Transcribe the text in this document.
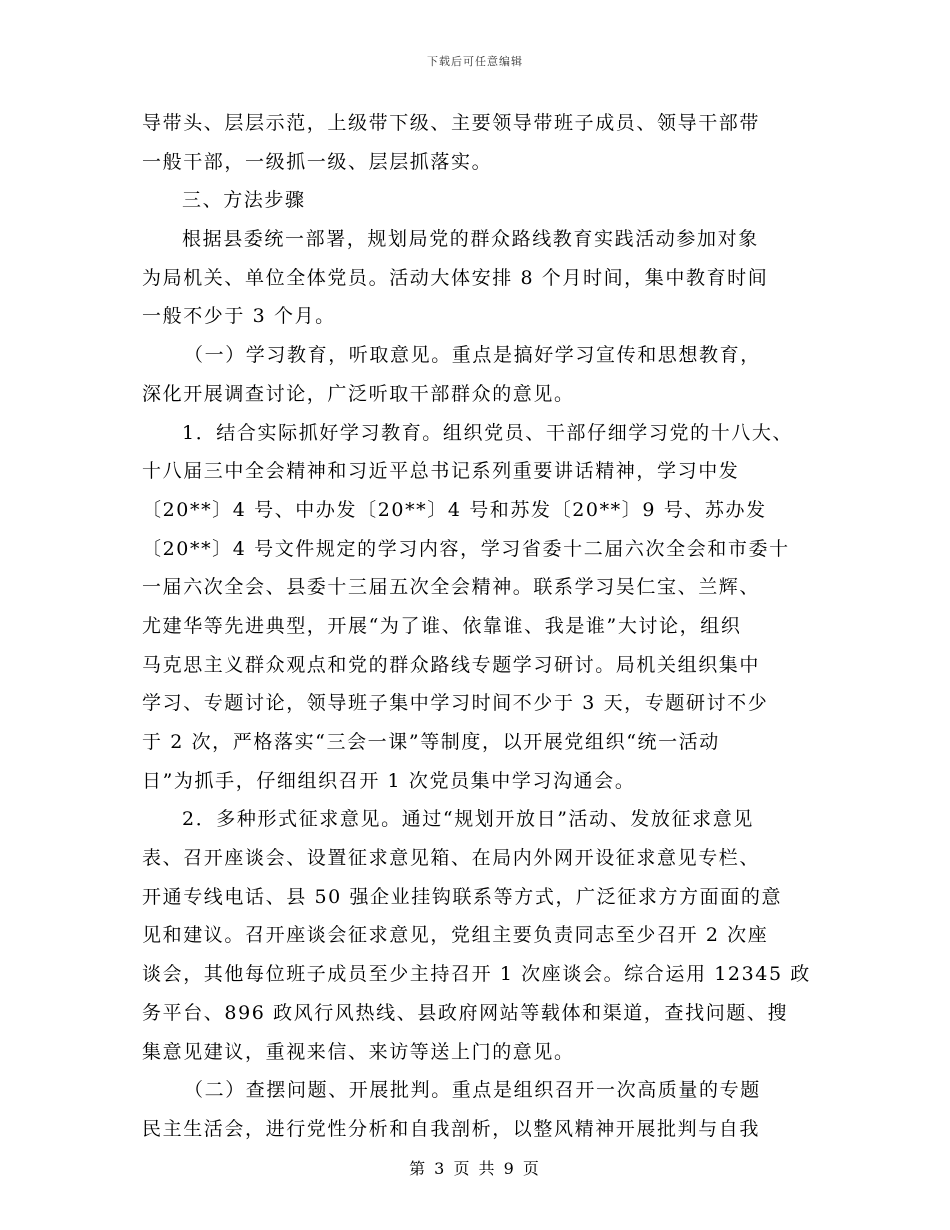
下载后可任意编辑
导带头、层层示范，上级带下级、主要领导带班子成员、领导干部带
一般干部，一级抓一级、层层抓落实。
三、方法步骤
根据县委统一部署，规划局党的群众路线教育实践活动参加对象
为局机关、单位全体党员。活动大体安排 8 个月时间，集中教育时间
一般不少于 3 个月。
（一）学习教育，听取意见。重点是搞好学习宣传和思想教育，
深化开展调查讨论，广泛听取干部群众的意见。
1．结合实际抓好学习教育。组织党员、干部仔细学习党的十八大、
十八届三中全会精神和习近平总书记系列重要讲话精神，学习中发
〔20**〕4 号、中办发〔20**〕4 号和苏发〔20**〕9 号、苏办发
〔20**〕4 号文件规定的学习内容，学习省委十二届六次全会和市委十
一届六次全会、县委十三届五次全会精神。联系学习吴仁宝、兰辉、
尤建华等先进典型，开展“为了谁、依靠谁、我是谁”大讨论，组织
马克思主义群众观点和党的群众路线专题学习研讨。局机关组织集中
学习、专题讨论，领导班子集中学习时间不少于 3 天，专题研讨不少
于 2 次，严格落实“三会一课”等制度，以开展党组织“统一活动
日”为抓手，仔细组织召开 1 次党员集中学习沟通会。
2．多种形式征求意见。通过“规划开放日”活动、发放征求意见
表、召开座谈会、设置征求意见箱、在局内外网开设征求意见专栏、
开通专线电话、县 50 强企业挂钩联系等方式，广泛征求方方面面的意
见和建议。召开座谈会征求意见，党组主要负责同志至少召开 2 次座
谈会，其他每位班子成员至少主持召开 1 次座谈会。综合运用 12345 政
务平台、896 政风行风热线、县政府网站等载体和渠道，查找问题、搜
集意见建议，重视来信、来访等送上门的意见。
（二）查摆问题、开展批判。重点是组织召开一次高质量的专题
民主生活会，进行党性分析和自我剖析，以整风精神开展批判与自我
第 3 页 共 9 页
